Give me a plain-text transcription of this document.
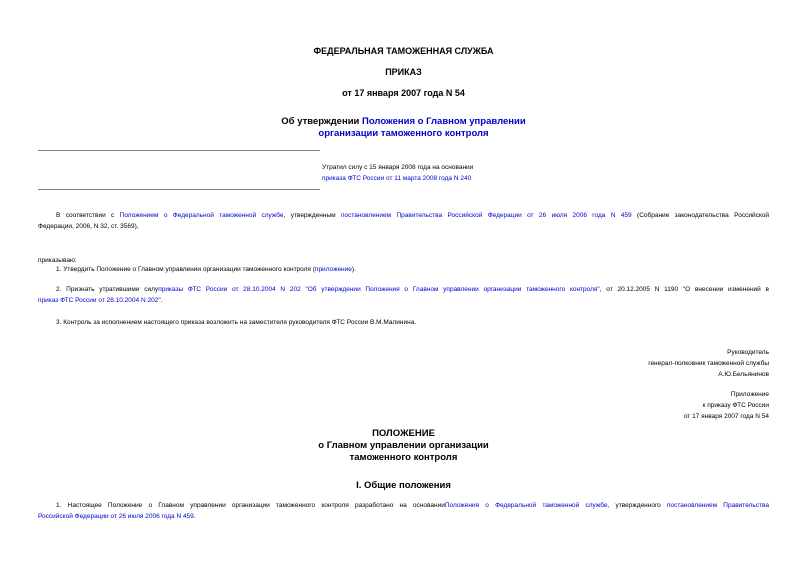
ФЕДЕРАЛЬНАЯ ТАМОЖЕННАЯ СЛУЖБА
ПРИКАЗ
от 17 января 2007 года N 54
Об утверждении Положения о Главном управлении
организации таможенного контроля
Утратил силу с 15 января 2008 года на основании
приказа ФТС России от 11 марта 2008 года N 240
В соответствии с Положением о Федеральной таможенной службе, утвержденным постановлением Правительства Российской Федерации от 26 июля 2006 года N 459 (Собрание законодательства Российской
Федерации, 2006, N 32, ст. 3569),
приказываю:
1. Утвердить Положение о Главном управлении организации таможенного контроля (приложение).
2. Признать утратившими силуприказы ФТС России от 28.10.2004 N 202 "Об утверждении Положения о Главном управлении организации таможенного контроля", от 20.12.2005 N 1190 "О внесении изменений в
приказ ФТС России от 28.10.2004 N 202".
3. Контроль за исполнением настоящего приказа возложить на заместителя руководителя ФТС России В.М.Малинина.
Руководитель
генерал-полковник таможенной службы
А.Ю.Бельянинов
Приложение
к приказу ФТС России
от 17 января 2007 года N 54
ПОЛОЖЕНИЕ
о Главном управлении организации
таможенного контроля
I. Общие положения
1. Настоящее Положение о Главном управлении организации таможенного контроля разработано на основанииПоложения о Федеральной таможенной службе, утвержденного постановлением Правительства
Российской Федерации от 26 июля 2006 года N 459.
